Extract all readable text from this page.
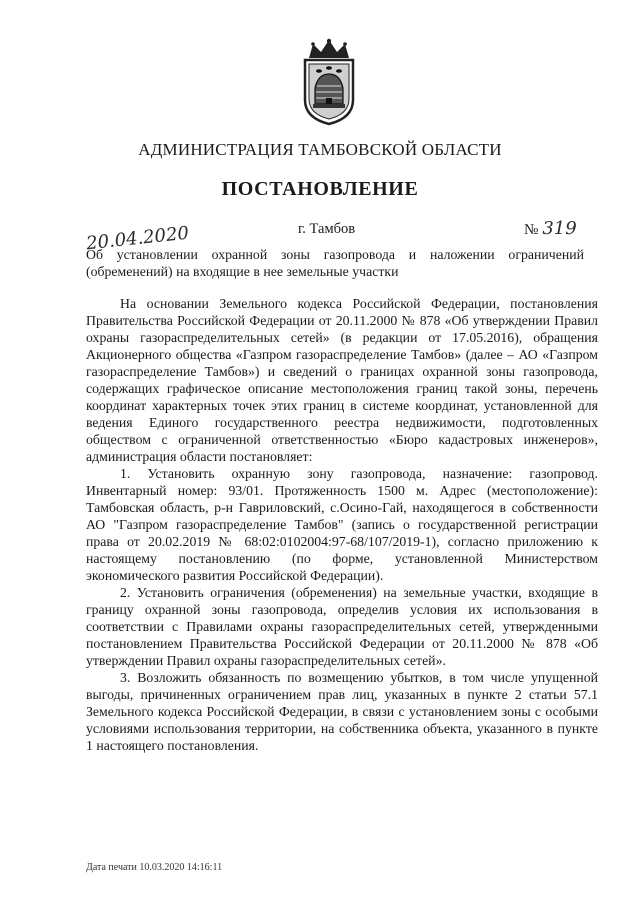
АДМИНИСТРАЦИЯ ТАМБОВСКОЙ ОБЛАСТИ
ПОСТАНОВЛЕНИЕ
20.04.2020	г. Тамбов	№ 319
Об установлении охранной зоны газопровода и наложении ограничений (обременений) на входящие в нее земельные участки

На основании Земельного кодекса Российской Федерации, постановления Правительства Российской Федерации от 20.11.2000 № 878 «Об утверждении Правил охраны газораспределительных сетей» (в редакции от 17.05.2016), обращения Акционерного общества «Газпром газораспределение Тамбов» (далее – АО «Газпром газораспределение Тамбов») и сведений о границах охранной зоны газопровода, содержащих графическое описание местоположения границ такой зоны, перечень координат характерных точек этих границ в системе координат, установленной для ведения Единого государственного реестра недвижимости, подготовленных обществом с ограниченной ответственностью «Бюро кадастровых инженеров», администрация области постановляет:

1. Установить охранную зону газопровода, назначение: газопровод. Инвентарный номер: 93/01. Протяженность 1500 м. Адрес (местоположение): Тамбовская область, р-н Гавриловский, с.Осино-Гай, находящегося в собственности АО "Газпром газораспределение Тамбов" (запись о государственной регистрации права от 20.02.2019 № 68:02:0102004:97-68/107/2019-1), согласно приложению к настоящему постановлению (по форме, установленной Министерством экономического развития Российской Федерации).

2. Установить ограничения (обременения) на земельные участки, входящие в границу охранной зоны газопровода, определив условия их использования в соответствии с Правилами охраны газораспределительных сетей, утвержденными постановлением Правительства Российской Федерации от 20.11.2000 № 878 «Об утверждении Правил охраны газораспределительных сетей».

3. Возложить обязанность по возмещению убытков, в том числе упущенной выгоды, причиненных ограничением прав лиц, указанных в пункте 2 статьи 57.1 Земельного кодекса Российской Федерации, в связи с установлением зоны с особыми условиями использования территории, на собственника объекта, указанного в пункте 1 настоящего постановления.

Дата печати 10.03.2020 14:16:11
